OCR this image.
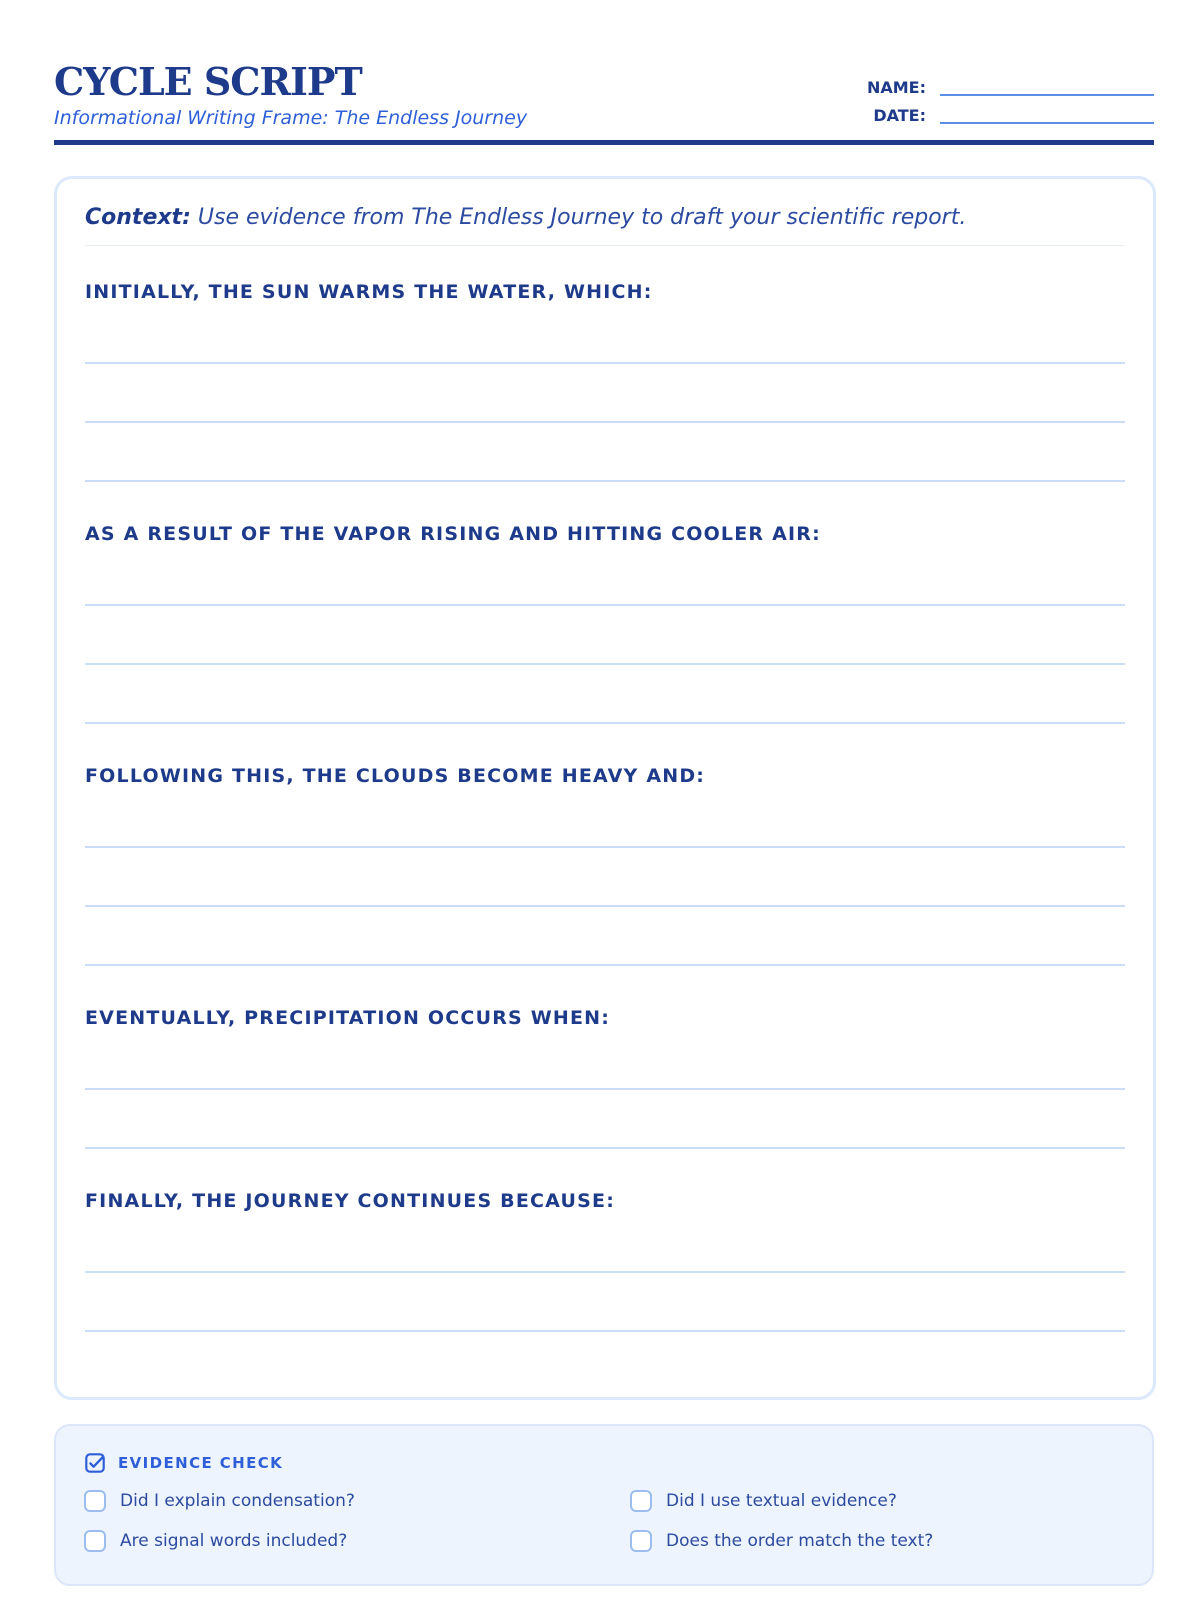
CYCLE SCRIPT
Informational Writing Frame: The Endless Journey
NAME:
DATE:
Context: Use evidence from The Endless Journey to draft your scientific report.
INITIALLY, THE SUN WARMS THE WATER, WHICH:
AS A RESULT OF THE VAPOR RISING AND HITTING COOLER AIR:
FOLLOWING THIS, THE CLOUDS BECOME HEAVY AND:
EVENTUALLY, PRECIPITATION OCCURS WHEN:
FINALLY, THE JOURNEY CONTINUES BECAUSE:
EVIDENCE CHECK
Did I explain condensation?	Did I use textual evidence?
Are signal words included?	Does the order match the text?
